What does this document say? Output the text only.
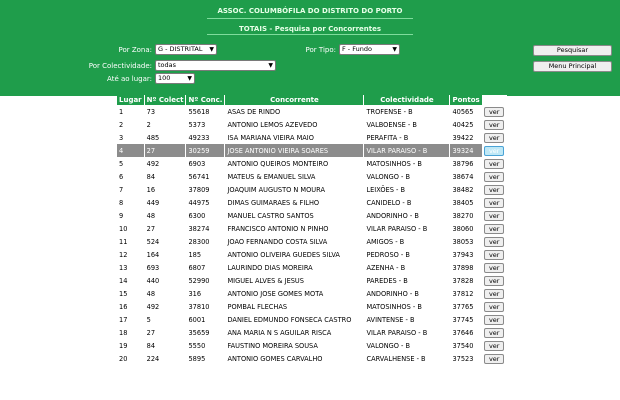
ASSOC. COLUMBÓFILA DO DISTRITO DO PORTO
TOTAIS - Pesquisa por Concorrentes
Por Zona: G - DISTRITAL ▼	Por Tipo: F - Fundo	▼
Por Colectividade: todas	▼
Até ao lugar: 100	▼
Pesquisar
Menu Principal
Lugar	Nº Colect	Nº Conc.	Concorrente	Colectividade	Pontos	
1	73	55618	ASAS DE RINDO	TROFENSE - B	40565	ver
2	2	5373	ANTONIO LEMOS AZEVEDO	VALBOENSE - B	40425	ver
3	485	49233	ISA MARIANA VIEIRA MAIO	PERAFITA - B	39422	ver
4	27	30259	JOSE ANTONIO VIEIRA SOARES	VILAR PARAISO - B	39324	ver
5	492	6903	ANTONIO QUEIROS MONTEIRO	MATOSINHOS - B	38796	ver
6	84	56741	MATEUS & EMANUEL SILVA	VALONGO - B	38674	ver
7	16	37809	JOAQUIM AUGUSTO N MOURA	LEIXÕES - B	38482	ver
8	449	44975	DIMAS GUIMARAES & FILHO	CANIDELO - B	38405	ver
9	48	6300	MANUEL CASTRO SANTOS	ANDORINHO - B	38270	ver
10	27	38274	FRANCISCO ANTONIO N PINHO	VILAR PARAISO - B	38060	ver
11	524	28300	JOAO FERNANDO COSTA SILVA	AMIGOS - B	38053	ver
12	164	185	ANTONIO OLIVEIRA GUEDES SILVA	PEDROSO - B	37943	ver
13	693	6807	LAURINDO DIAS MOREIRA	AZENHA - B	37898	ver
14	440	52990	MIGUEL ALVES & JESUS	PAREDES - B	37828	ver
15	48	316	ANTONIO JOSE GOMES MOTA	ANDORINHO - B	37812	ver
16	492	37810	POMBAL FLECHAS	MATOSINHOS - B	37765	ver
17	5	6001	DANIEL EDMUNDO FONSECA CASTRO	AVINTENSE - B	37745	ver
18	27	35659	ANA MARIA N S AGUILAR RISCA	VILAR PARAISO - B	37646	ver
19	84	5550	FAUSTINO MOREIRA SOUSA	VALONGO - B	37540	ver
20	224	5895	ANTONIO GOMES CARVALHO	CARVALHENSE - B	37523	ver
